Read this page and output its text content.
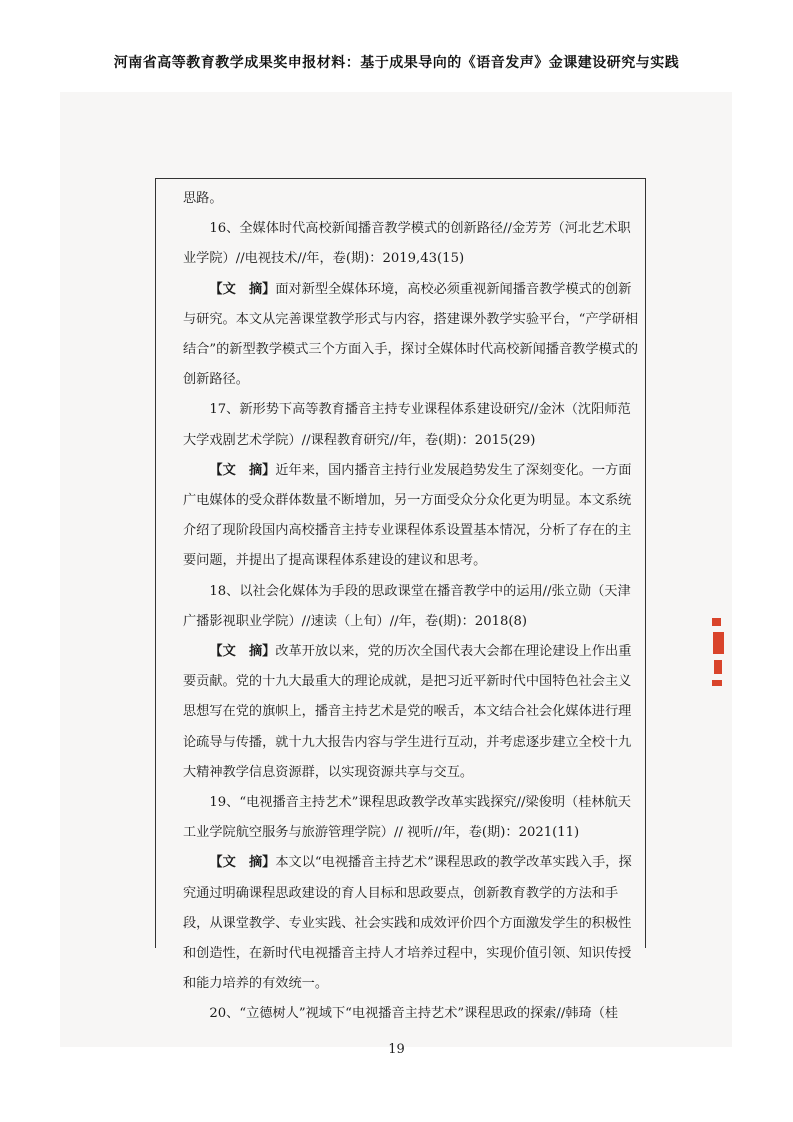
河南省高等教育教学成果奖申报材料：基于成果导向的《语音发声》金课建设研究与实践

思路。

16、全媒体时代高校新闻播音教学模式的创新路径//金芳芳（河北艺术职业学院）//电视技术//年，卷(期)：2019,43(15)

【文　摘】面对新型全媒体环境，高校必须重视新闻播音教学模式的创新与研究。本文从完善课堂教学形式与内容，搭建课外教学实验平台，“产学研相结合”的新型教学模式三个方面入手，探讨全媒体时代高校新闻播音教学模式的创新路径。

17、新形势下高等教育播音主持专业课程体系建设研究//金沐（沈阳师范大学戏剧艺术学院）//课程教育研究//年，卷(期)：2015(29)

【文　摘】近年来，国内播音主持行业发展趋势发生了深刻变化。一方面广电媒体的受众群体数量不断增加，另一方面受众分众化更为明显。本文系统介绍了现阶段国内高校播音主持专业课程体系设置基本情况，分析了存在的主要问题，并提出了提高课程体系建设的建议和思考。

18、以社会化媒体为手段的思政课堂在播音教学中的运用//张立勋（天津广播影视职业学院）//速读（上旬）//年，卷(期)：2018(8)

【文　摘】改革开放以来，党的历次全国代表大会都在理论建设上作出重要贡献。党的十九大最重大的理论成就，是把习近平新时代中国特色社会主义思想写在党的旗帜上，播音主持艺术是党的喉舌，本文结合社会化媒体进行理论疏导与传播，就十九大报告内容与学生进行互动，并考虑逐步建立全校十九大精神教学信息资源群，以实现资源共享与交互。

19、“电视播音主持艺术”课程思政教学改革实践探究//梁俊明（桂林航天工业学院航空服务与旅游管理学院）// 视听//年，卷(期)：2021(11)

【文　摘】本文以“电视播音主持艺术”课程思政的教学改革实践入手，探究通过明确课程思政建设的育人目标和思政要点，创新教育教学的方法和手段，从课堂教学、专业实践、社会实践和成效评价四个方面激发学生的积极性和创造性，在新时代电视播音主持人才培养过程中，实现价值引领、知识传授和能力培养的有效统一。

20、“立德树人”视域下“电视播音主持艺术”课程思政的探索//韩琦（桂

19
